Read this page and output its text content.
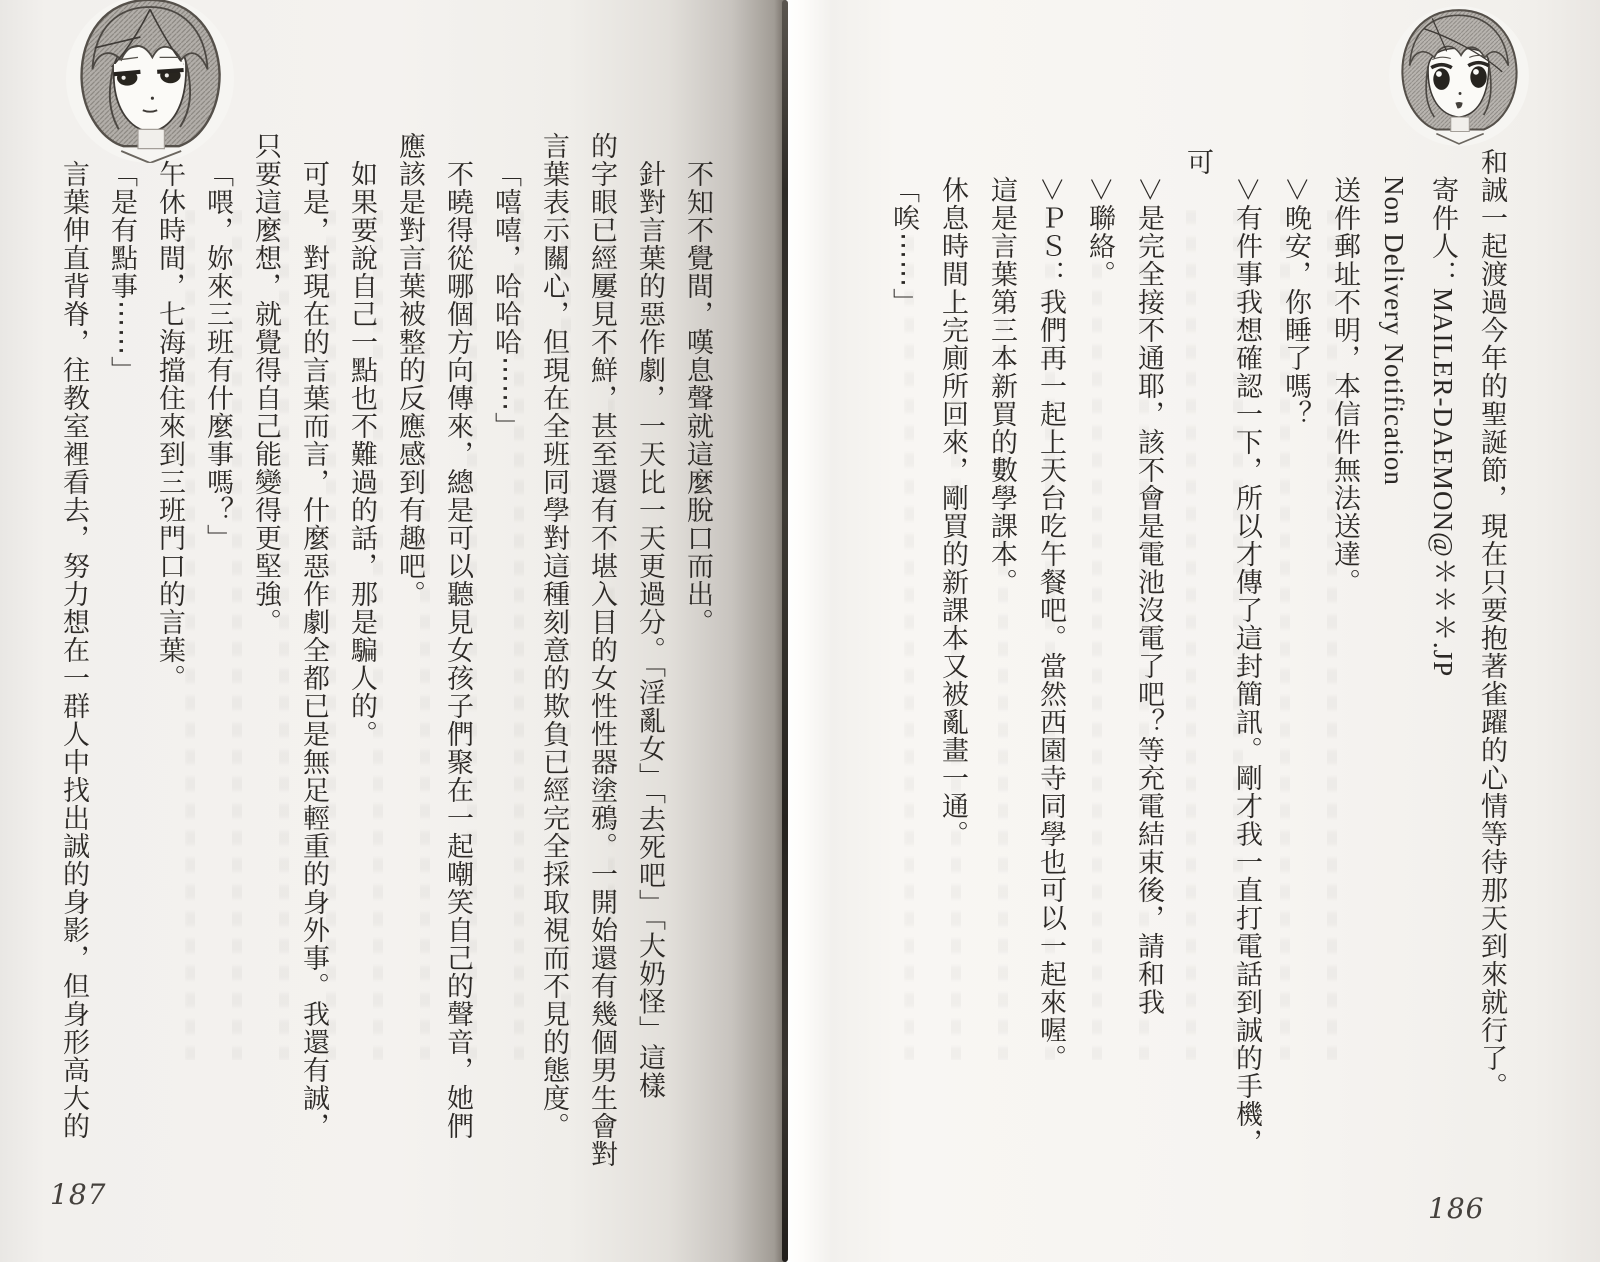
不知不覺間，嘆息聲就這麼脫口而出。
針對言葉的惡作劇，一天比一天更過分。「淫亂女」「去死吧」「大奶怪」這樣
的字眼已經屢見不鮮，甚至還有不堪入目的女性性器塗鴉。一開始還有幾個男生會對
言葉表示關心，但現在全班同學對這種刻意的欺負已經完全採取視而不見的態度。
「嘻嘻，哈哈哈⋯⋯」
不曉得從哪個方向傳來，總是可以聽見女孩子們聚在一起嘲笑自己的聲音，她們
應該是對言葉被整的反應感到有趣吧。
如果要說自己一點也不難過的話，那是騙人的。
可是，對現在的言葉而言，什麼惡作劇全都已是無足輕重的身外事。我還有誠，
只要這麼想，就覺得自己能變得更堅強。
「喂，妳來三班有什麼事嗎？」
午休時間，七海擋住來到三班門口的言葉。
「是有點事⋯⋯」
言葉伸直背脊，往教室裡看去，努力想在一群人中找出誠的身影，但身形高大的
187
和誠一起渡過今年的聖誕節，現在只要抱著雀躍的心情等待那天到來就行了。
寄件人：MAILER-DAEMON@＊＊＊.JP
Non Delivery Notification
送件郵址不明，本信件無法送達。
＞晚安，你睡了嗎？
＞有件事我想確認一下，所以才傳了這封簡訊。剛才我一直打電話到誠的手機，
可
＞是完全接不通耶，該不會是電池沒電了吧？等充電結束後，請和我
＞聯絡。
＞ＰＳ：我們再一起上天台吃午餐吧。當然西園寺同學也可以一起來喔。
這是言葉第三本新買的數學課本。
休息時間上完廁所回來，剛買的新課本又被亂畫一通。
「唉⋯⋯」
186
